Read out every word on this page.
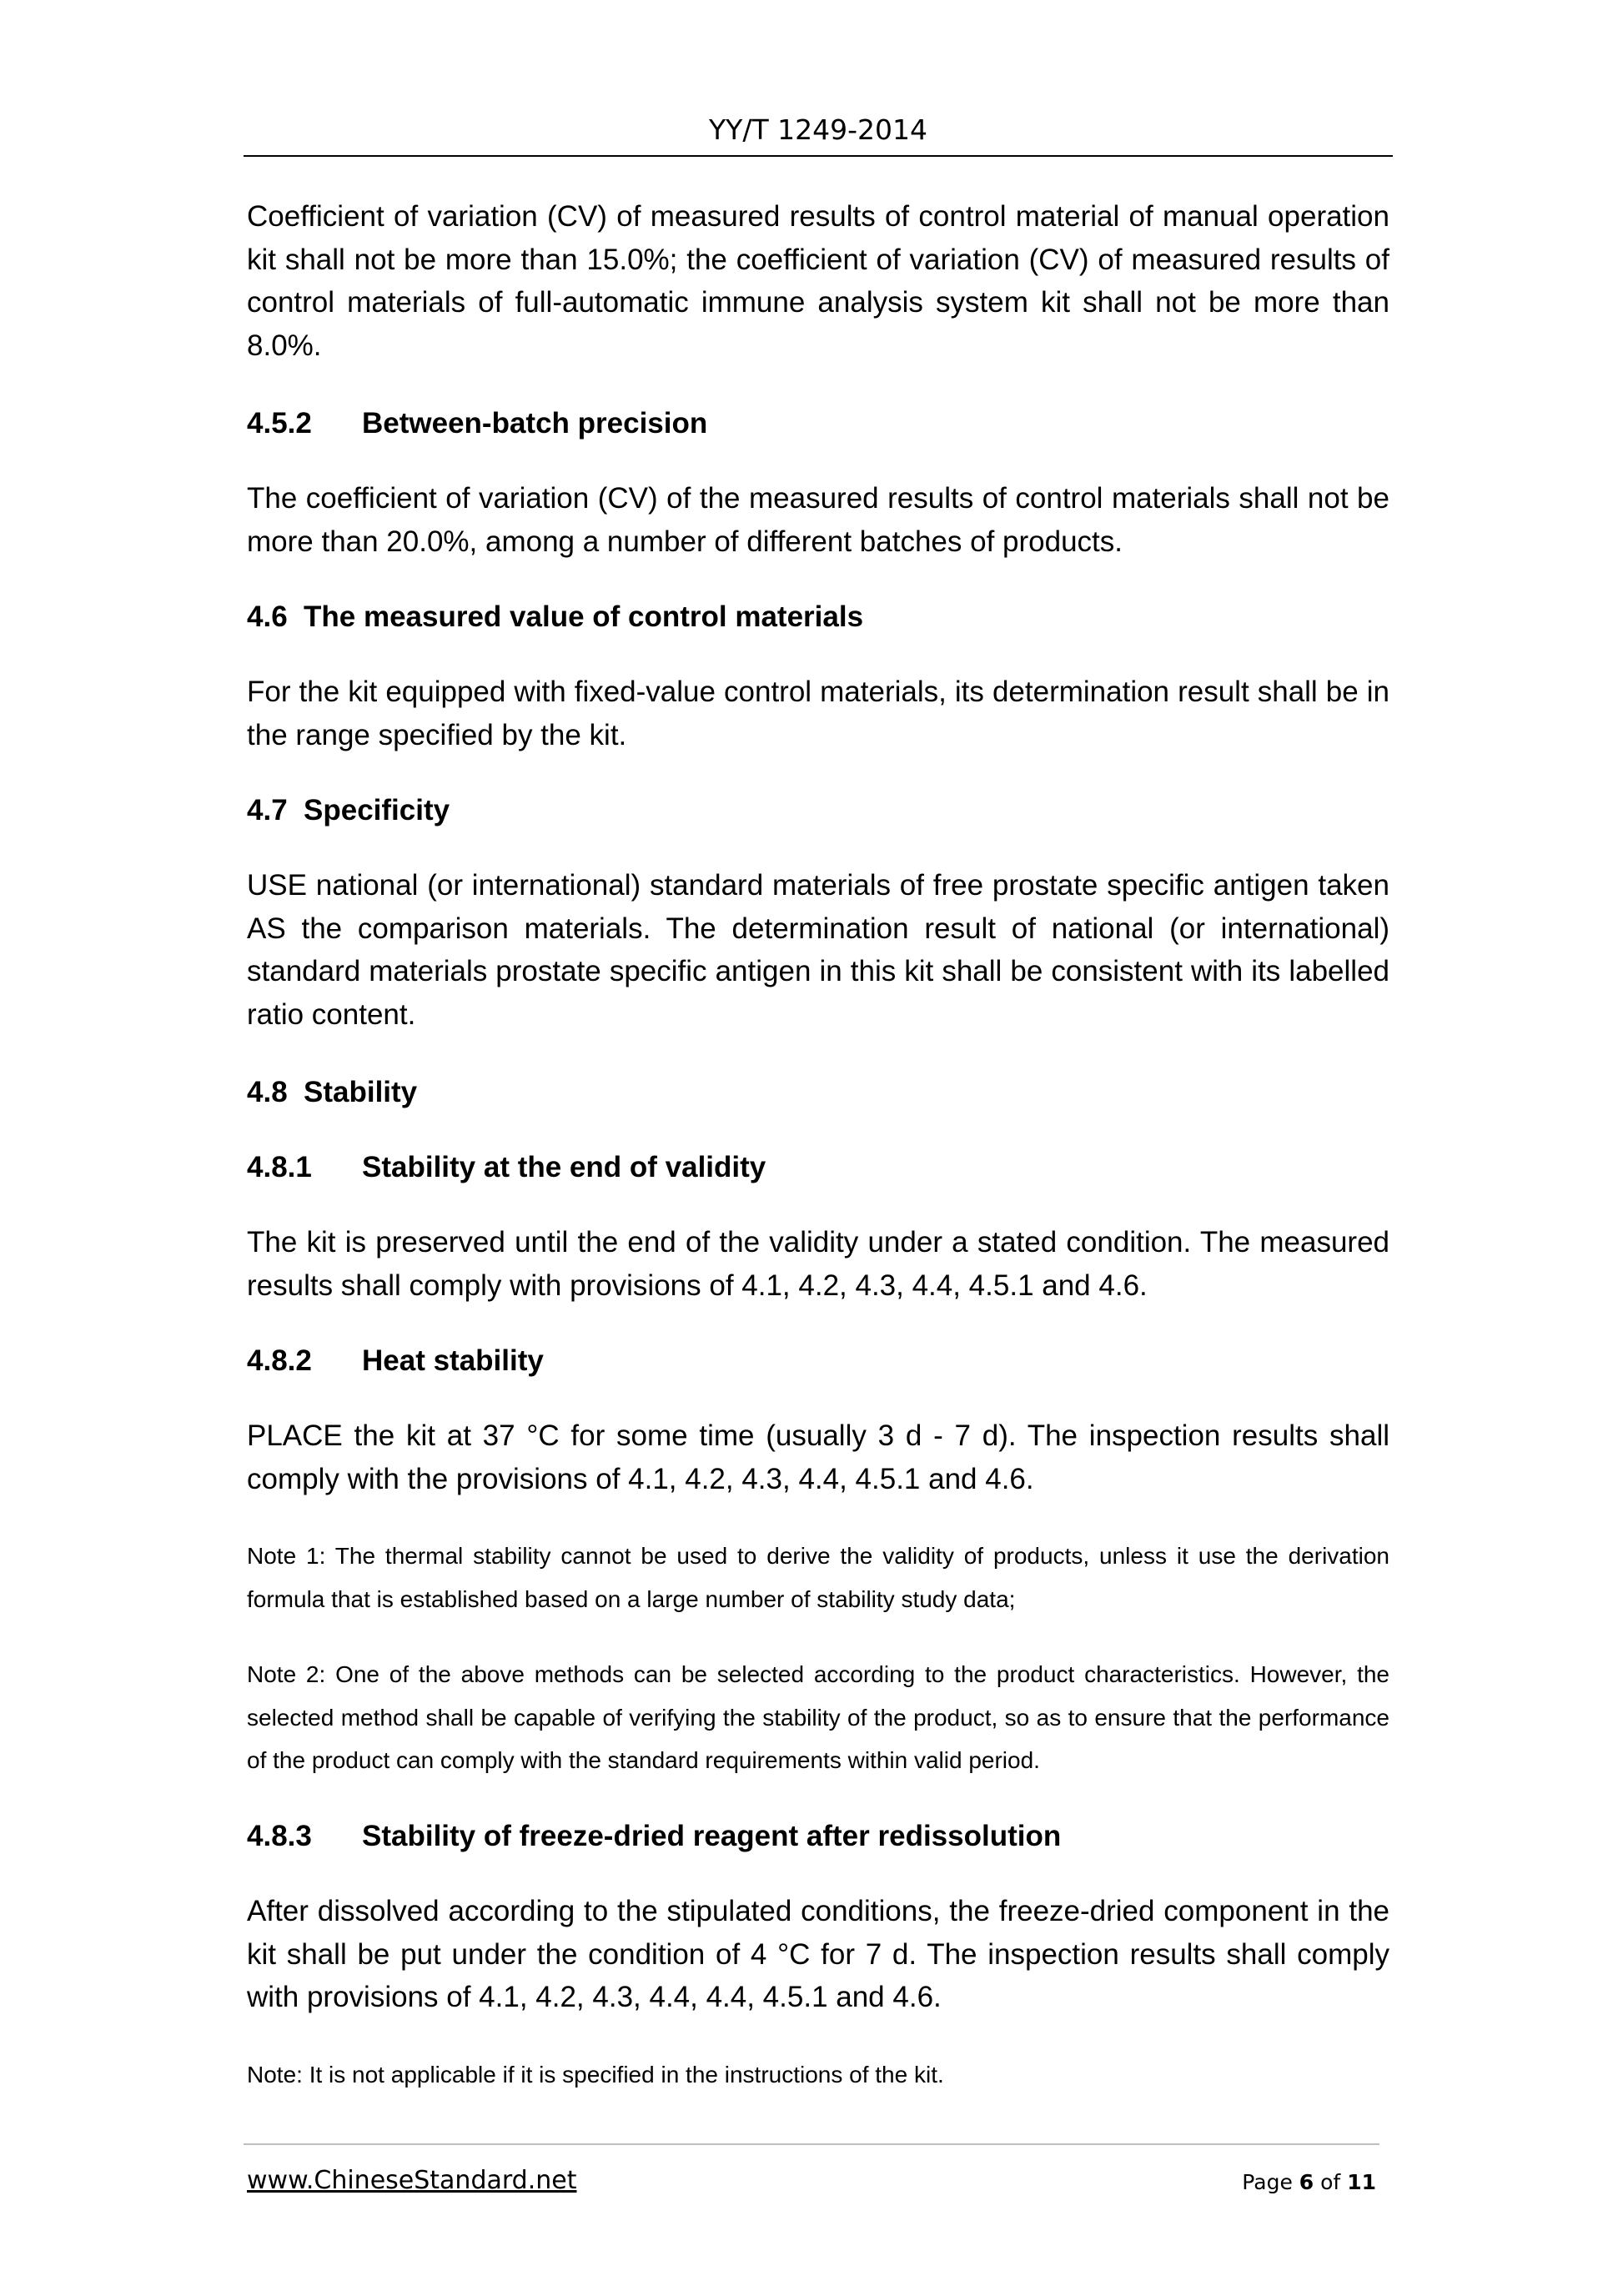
YY/T 1249-2014

Coefficient of variation (CV) of measured results of control material of manual operation kit shall not be more than 15.0%; the coefficient of variation (CV) of measured results of control materials of full-automatic immune analysis system kit shall not be more than 8.0%.

4.5.2 Between-batch precision

The coefficient of variation (CV) of the measured results of control materials shall not be more than 20.0%, among a number of different batches of products.

4.6 The measured value of control materials

For the kit equipped with fixed-value control materials, its determination result shall be in the range specified by the kit.

4.7 Specificity

USE national (or international) standard materials of free prostate specific antigen taken AS the comparison materials. The determination result of national (or international) standard materials prostate specific antigen in this kit shall be consistent with its labelled ratio content.

4.8 Stability

4.8.1 Stability at the end of validity

The kit is preserved until the end of the validity under a stated condition. The measured results shall comply with provisions of 4.1, 4.2, 4.3, 4.4, 4.5.1 and 4.6.

4.8.2 Heat stability

PLACE the kit at 37 °C for some time (usually 3 d - 7 d). The inspection results shall comply with the provisions of 4.1, 4.2, 4.3, 4.4, 4.5.1 and 4.6.

Note 1: The thermal stability cannot be used to derive the validity of products, unless it use the derivation formula that is established based on a large number of stability study data;

Note 2: One of the above methods can be selected according to the product characteristics. However, the selected method shall be capable of verifying the stability of the product, so as to ensure that the performance of the product can comply with the standard requirements within valid period.

4.8.3 Stability of freeze-dried reagent after redissolution

After dissolved according to the stipulated conditions, the freeze-dried component in the kit shall be put under the condition of 4 °C for 7 d. The inspection results shall comply with provisions of 4.1, 4.2, 4.3, 4.4, 4.4, 4.5.1 and 4.6.

Note: It is not applicable if it is specified in the instructions of the kit.

www.ChineseStandard.net	Page 6 of 11
